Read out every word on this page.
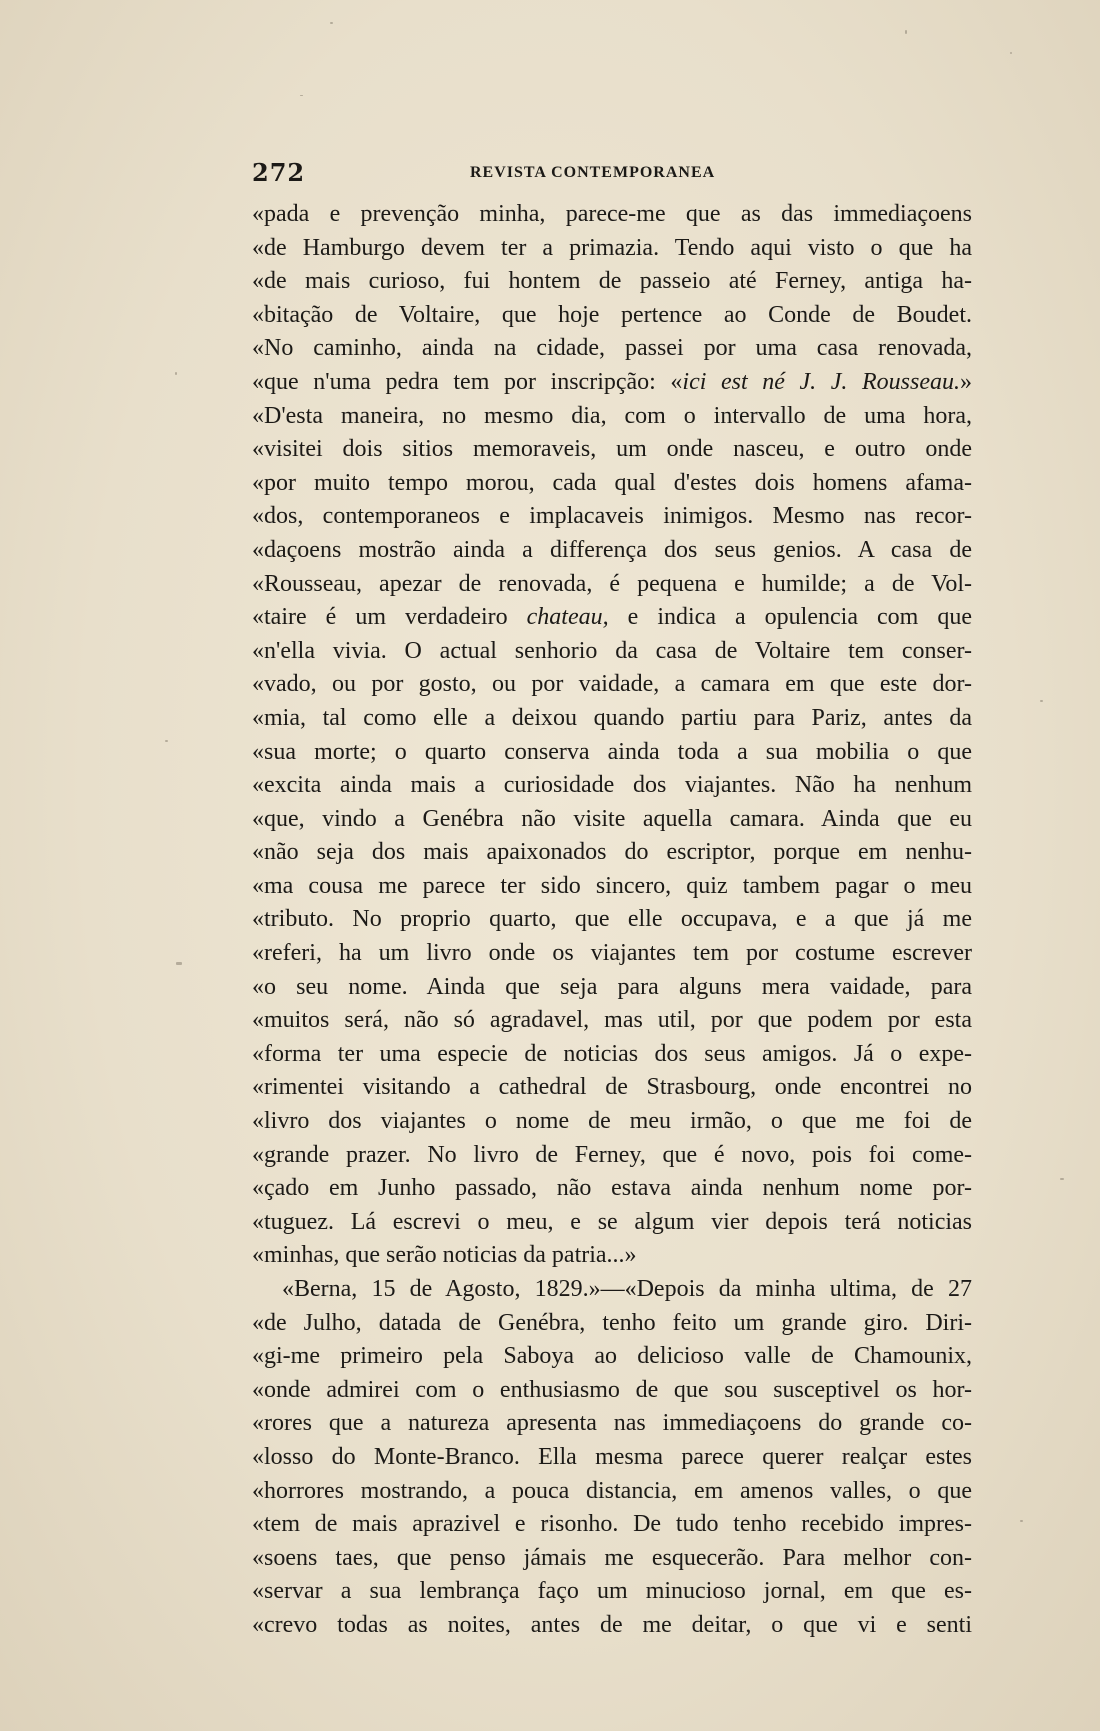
272	REVISTA CONTEMPORANEA
«pada e prevenção minha, parece-me que as das immediaçoens
«de Hamburgo devem ter a primazia. Tendo aqui visto o que ha
«de mais curioso, fui hontem de passeio até Ferney, antiga ha-
«bitação de Voltaire, que hoje pertence ao Conde de Boudet.
«No caminho, ainda na cidade, passei por uma casa renovada,
«que n'uma pedra tem por inscripção: «ici est né J. J. Rousseau.»
«D'esta maneira, no mesmo dia, com o intervallo de uma hora,
«visitei dois sitios memoraveis, um onde nasceu, e outro onde
«por muito tempo morou, cada qual d'estes dois homens afama-
«dos, contemporaneos e implacaveis inimigos. Mesmo nas recor-
«daçoens mostrão ainda a differença dos seus genios. A casa de
«Rousseau, apezar de renovada, é pequena e humilde; a de Vol-
«taire é um verdadeiro chateau, e indica a opulencia com que
«n'ella vivia. O actual senhorio da casa de Voltaire tem conser-
«vado, ou por gosto, ou por vaidade, a camara em que este dor-
«mia, tal como elle a deixou quando partiu para Pariz, antes da
«sua morte; o quarto conserva ainda toda a sua mobilia o que
«excita ainda mais a curiosidade dos viajantes. Não ha nenhum
«que, vindo a Genébra não visite aquella camara. Ainda que eu
«não seja dos mais apaixonados do escriptor, porque em nenhu-
«ma cousa me parece ter sido sincero, quiz tambem pagar o meu
«tributo. No proprio quarto, que elle occupava, e a que já me
«referi, ha um livro onde os viajantes tem por costume escrever
«o seu nome. Ainda que seja para alguns mera vaidade, para
«muitos será, não só agradavel, mas util, por que podem por esta
«forma ter uma especie de noticias dos seus amigos. Já o expe-
«rimentei visitando a cathedral de Strasbourg, onde encontrei no
«livro dos viajantes o nome de meu irmão, o que me foi de
«grande prazer. No livro de Ferney, que é novo, pois foi come-
«çado em Junho passado, não estava ainda nenhum nome por-
«tuguez. Lá escrevi o meu, e se algum vier depois terá noticias
«minhas, que serão noticias da patria...»
«Berna, 15 de Agosto, 1829.»—«Depois da minha ultima, de 27
«de Julho, datada de Genébra, tenho feito um grande giro. Diri-
«gi-me primeiro pela Saboya ao delicioso valle de Chamounix,
«onde admirei com o enthusiasmo de que sou susceptivel os hor-
«rores que a natureza apresenta nas immediaçoens do grande co-
«losso do Monte-Branco. Ella mesma parece querer realçar estes
«horrores mostrando, a pouca distancia, em amenos valles, o que
«tem de mais aprazivel e risonho. De tudo tenho recebido impres-
«soens taes, que penso jámais me esquecerão. Para melhor con-
«servar a sua lembrança faço um minucioso jornal, em que es-
«crevo todas as noites, antes de me deitar, o que vi e senti
